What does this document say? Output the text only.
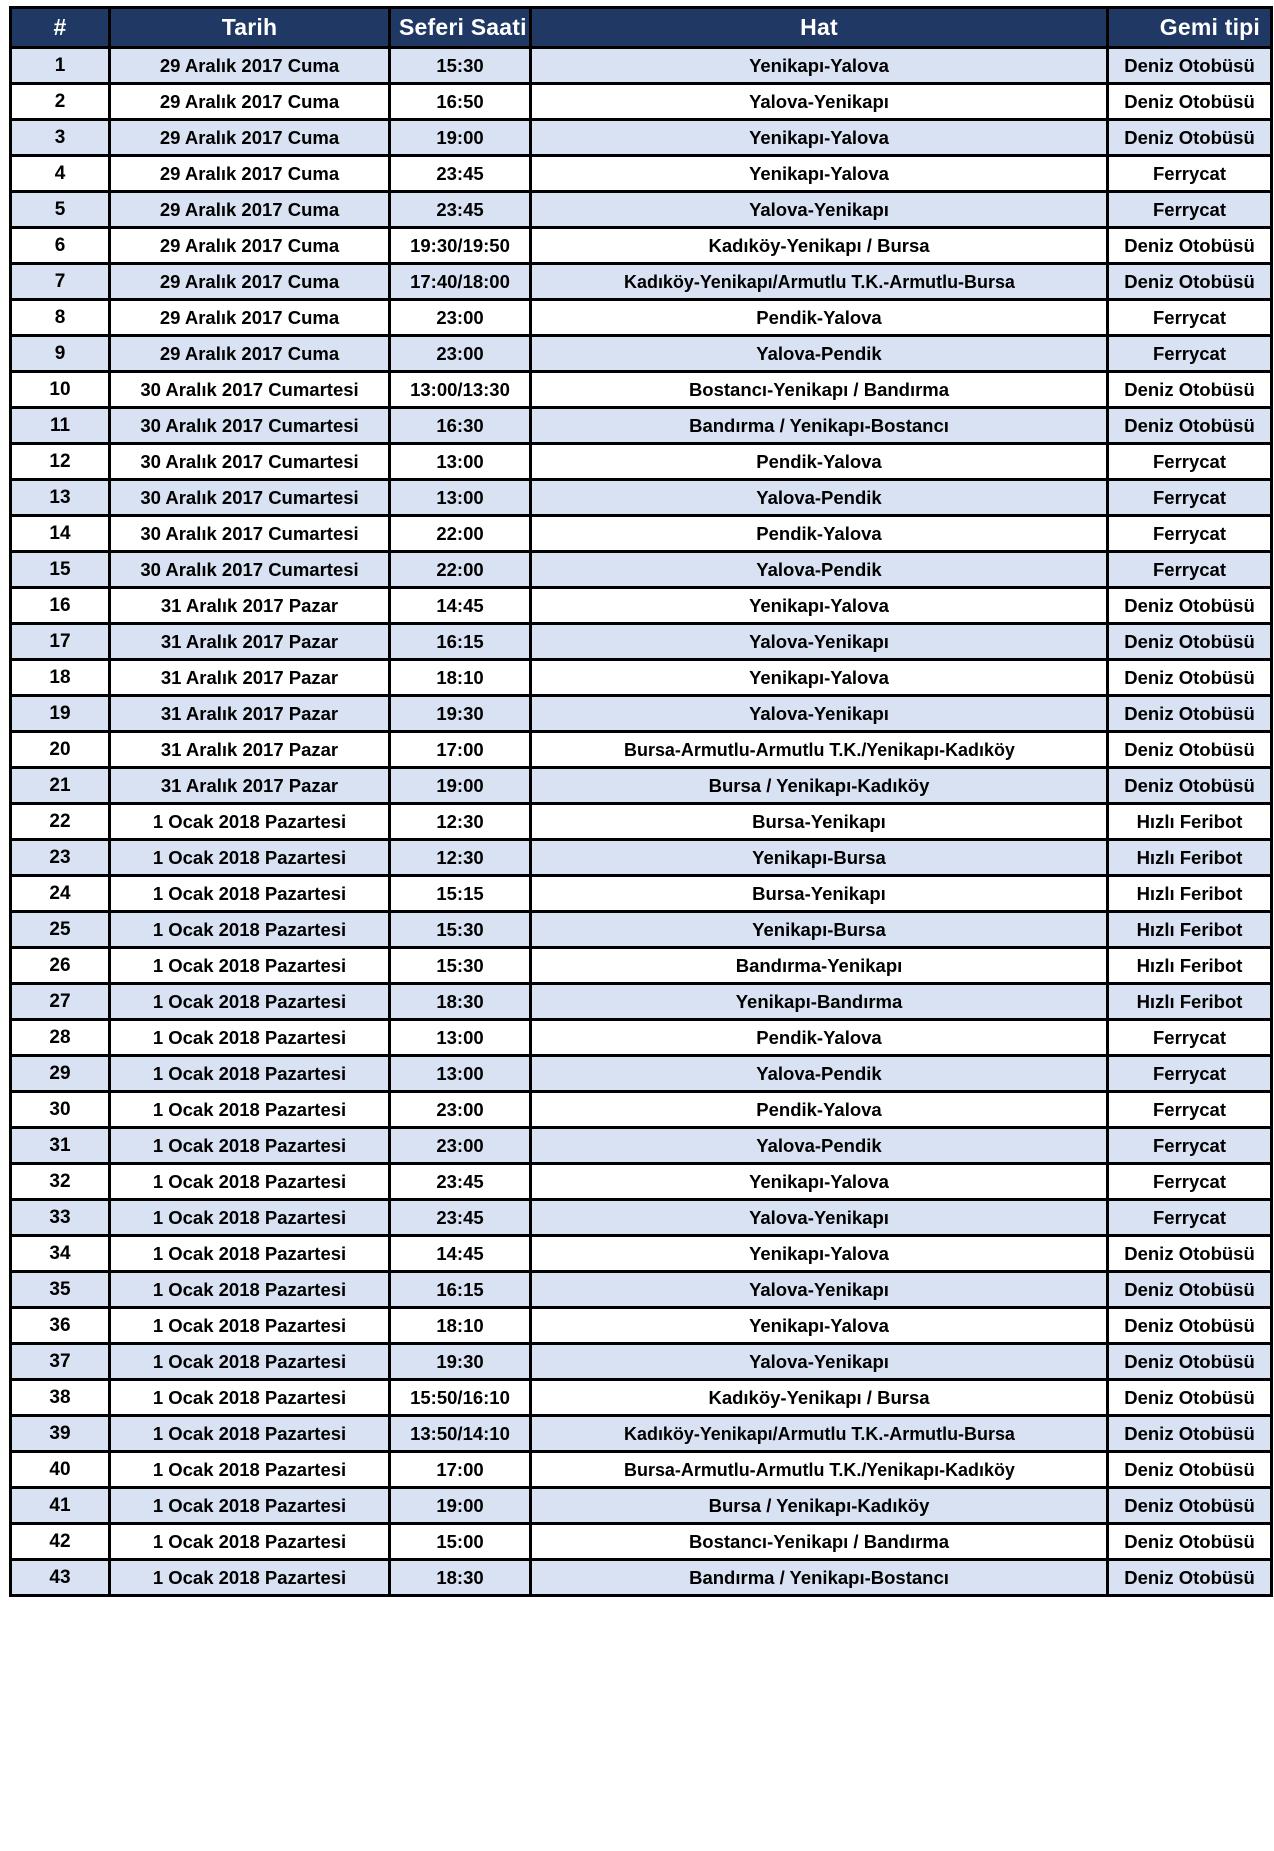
#	Tarih	Seferi Saati	Hat	Gemi tipi
1	29 Aralık 2017 Cuma	15:30	Yenikapı-Yalova	Deniz Otobüsü
2	29 Aralık 2017 Cuma	16:50	Yalova-Yenikapı	Deniz Otobüsü
3	29 Aralık 2017 Cuma	19:00	Yenikapı-Yalova	Deniz Otobüsü
4	29 Aralık 2017 Cuma	23:45	Yenikapı-Yalova	Ferrycat
5	29 Aralık 2017 Cuma	23:45	Yalova-Yenikapı	Ferrycat
6	29 Aralık 2017 Cuma	19:30/19:50	Kadıköy-Yenikapı / Bursa	Deniz Otobüsü
7	29 Aralık 2017 Cuma	17:40/18:00	Kadıköy-Yenikapı/Armutlu T.K.-Armutlu-Bursa	Deniz Otobüsü
8	29 Aralık 2017 Cuma	23:00	Pendik-Yalova	Ferrycat
9	29 Aralık 2017 Cuma	23:00	Yalova-Pendik	Ferrycat
10	30 Aralık 2017 Cumartesi	13:00/13:30	Bostancı-Yenikapı / Bandırma	Deniz Otobüsü
11	30 Aralık 2017 Cumartesi	16:30	Bandırma / Yenikapı-Bostancı	Deniz Otobüsü
12	30 Aralık 2017 Cumartesi	13:00	Pendik-Yalova	Ferrycat
13	30 Aralık 2017 Cumartesi	13:00	Yalova-Pendik	Ferrycat
14	30 Aralık 2017 Cumartesi	22:00	Pendik-Yalova	Ferrycat
15	30 Aralık 2017 Cumartesi	22:00	Yalova-Pendik	Ferrycat
16	31 Aralık 2017 Pazar	14:45	Yenikapı-Yalova	Deniz Otobüsü
17	31 Aralık 2017 Pazar	16:15	Yalova-Yenikapı	Deniz Otobüsü
18	31 Aralık 2017 Pazar	18:10	Yenikapı-Yalova	Deniz Otobüsü
19	31 Aralık 2017 Pazar	19:30	Yalova-Yenikapı	Deniz Otobüsü
20	31 Aralık 2017 Pazar	17:00	Bursa-Armutlu-Armutlu T.K./Yenikapı-Kadıköy	Deniz Otobüsü
21	31 Aralık 2017 Pazar	19:00	Bursa / Yenikapı-Kadıköy	Deniz Otobüsü
22	1 Ocak 2018 Pazartesi	12:30	Bursa-Yenikapı	Hızlı Feribot
23	1 Ocak 2018 Pazartesi	12:30	Yenikapı-Bursa	Hızlı Feribot
24	1 Ocak 2018 Pazartesi	15:15	Bursa-Yenikapı	Hızlı Feribot
25	1 Ocak 2018 Pazartesi	15:30	Yenikapı-Bursa	Hızlı Feribot
26	1 Ocak 2018 Pazartesi	15:30	Bandırma-Yenikapı	Hızlı Feribot
27	1 Ocak 2018 Pazartesi	18:30	Yenikapı-Bandırma	Hızlı Feribot
28	1 Ocak 2018 Pazartesi	13:00	Pendik-Yalova	Ferrycat
29	1 Ocak 2018 Pazartesi	13:00	Yalova-Pendik	Ferrycat
30	1 Ocak 2018 Pazartesi	23:00	Pendik-Yalova	Ferrycat
31	1 Ocak 2018 Pazartesi	23:00	Yalova-Pendik	Ferrycat
32	1 Ocak 2018 Pazartesi	23:45	Yenikapı-Yalova	Ferrycat
33	1 Ocak 2018 Pazartesi	23:45	Yalova-Yenikapı	Ferrycat
34	1 Ocak 2018 Pazartesi	14:45	Yenikapı-Yalova	Deniz Otobüsü
35	1 Ocak 2018 Pazartesi	16:15	Yalova-Yenikapı	Deniz Otobüsü
36	1 Ocak 2018 Pazartesi	18:10	Yenikapı-Yalova	Deniz Otobüsü
37	1 Ocak 2018 Pazartesi	19:30	Yalova-Yenikapı	Deniz Otobüsü
38	1 Ocak 2018 Pazartesi	15:50/16:10	Kadıköy-Yenikapı / Bursa	Deniz Otobüsü
39	1 Ocak 2018 Pazartesi	13:50/14:10	Kadıköy-Yenikapı/Armutlu T.K.-Armutlu-Bursa	Deniz Otobüsü
40	1 Ocak 2018 Pazartesi	17:00	Bursa-Armutlu-Armutlu T.K./Yenikapı-Kadıköy	Deniz Otobüsü
41	1 Ocak 2018 Pazartesi	19:00	Bursa / Yenikapı-Kadıköy	Deniz Otobüsü
42	1 Ocak 2018 Pazartesi	15:00	Bostancı-Yenikapı / Bandırma	Deniz Otobüsü
43	1 Ocak 2018 Pazartesi	18:30	Bandırma / Yenikapı-Bostancı	Deniz Otobüsü
